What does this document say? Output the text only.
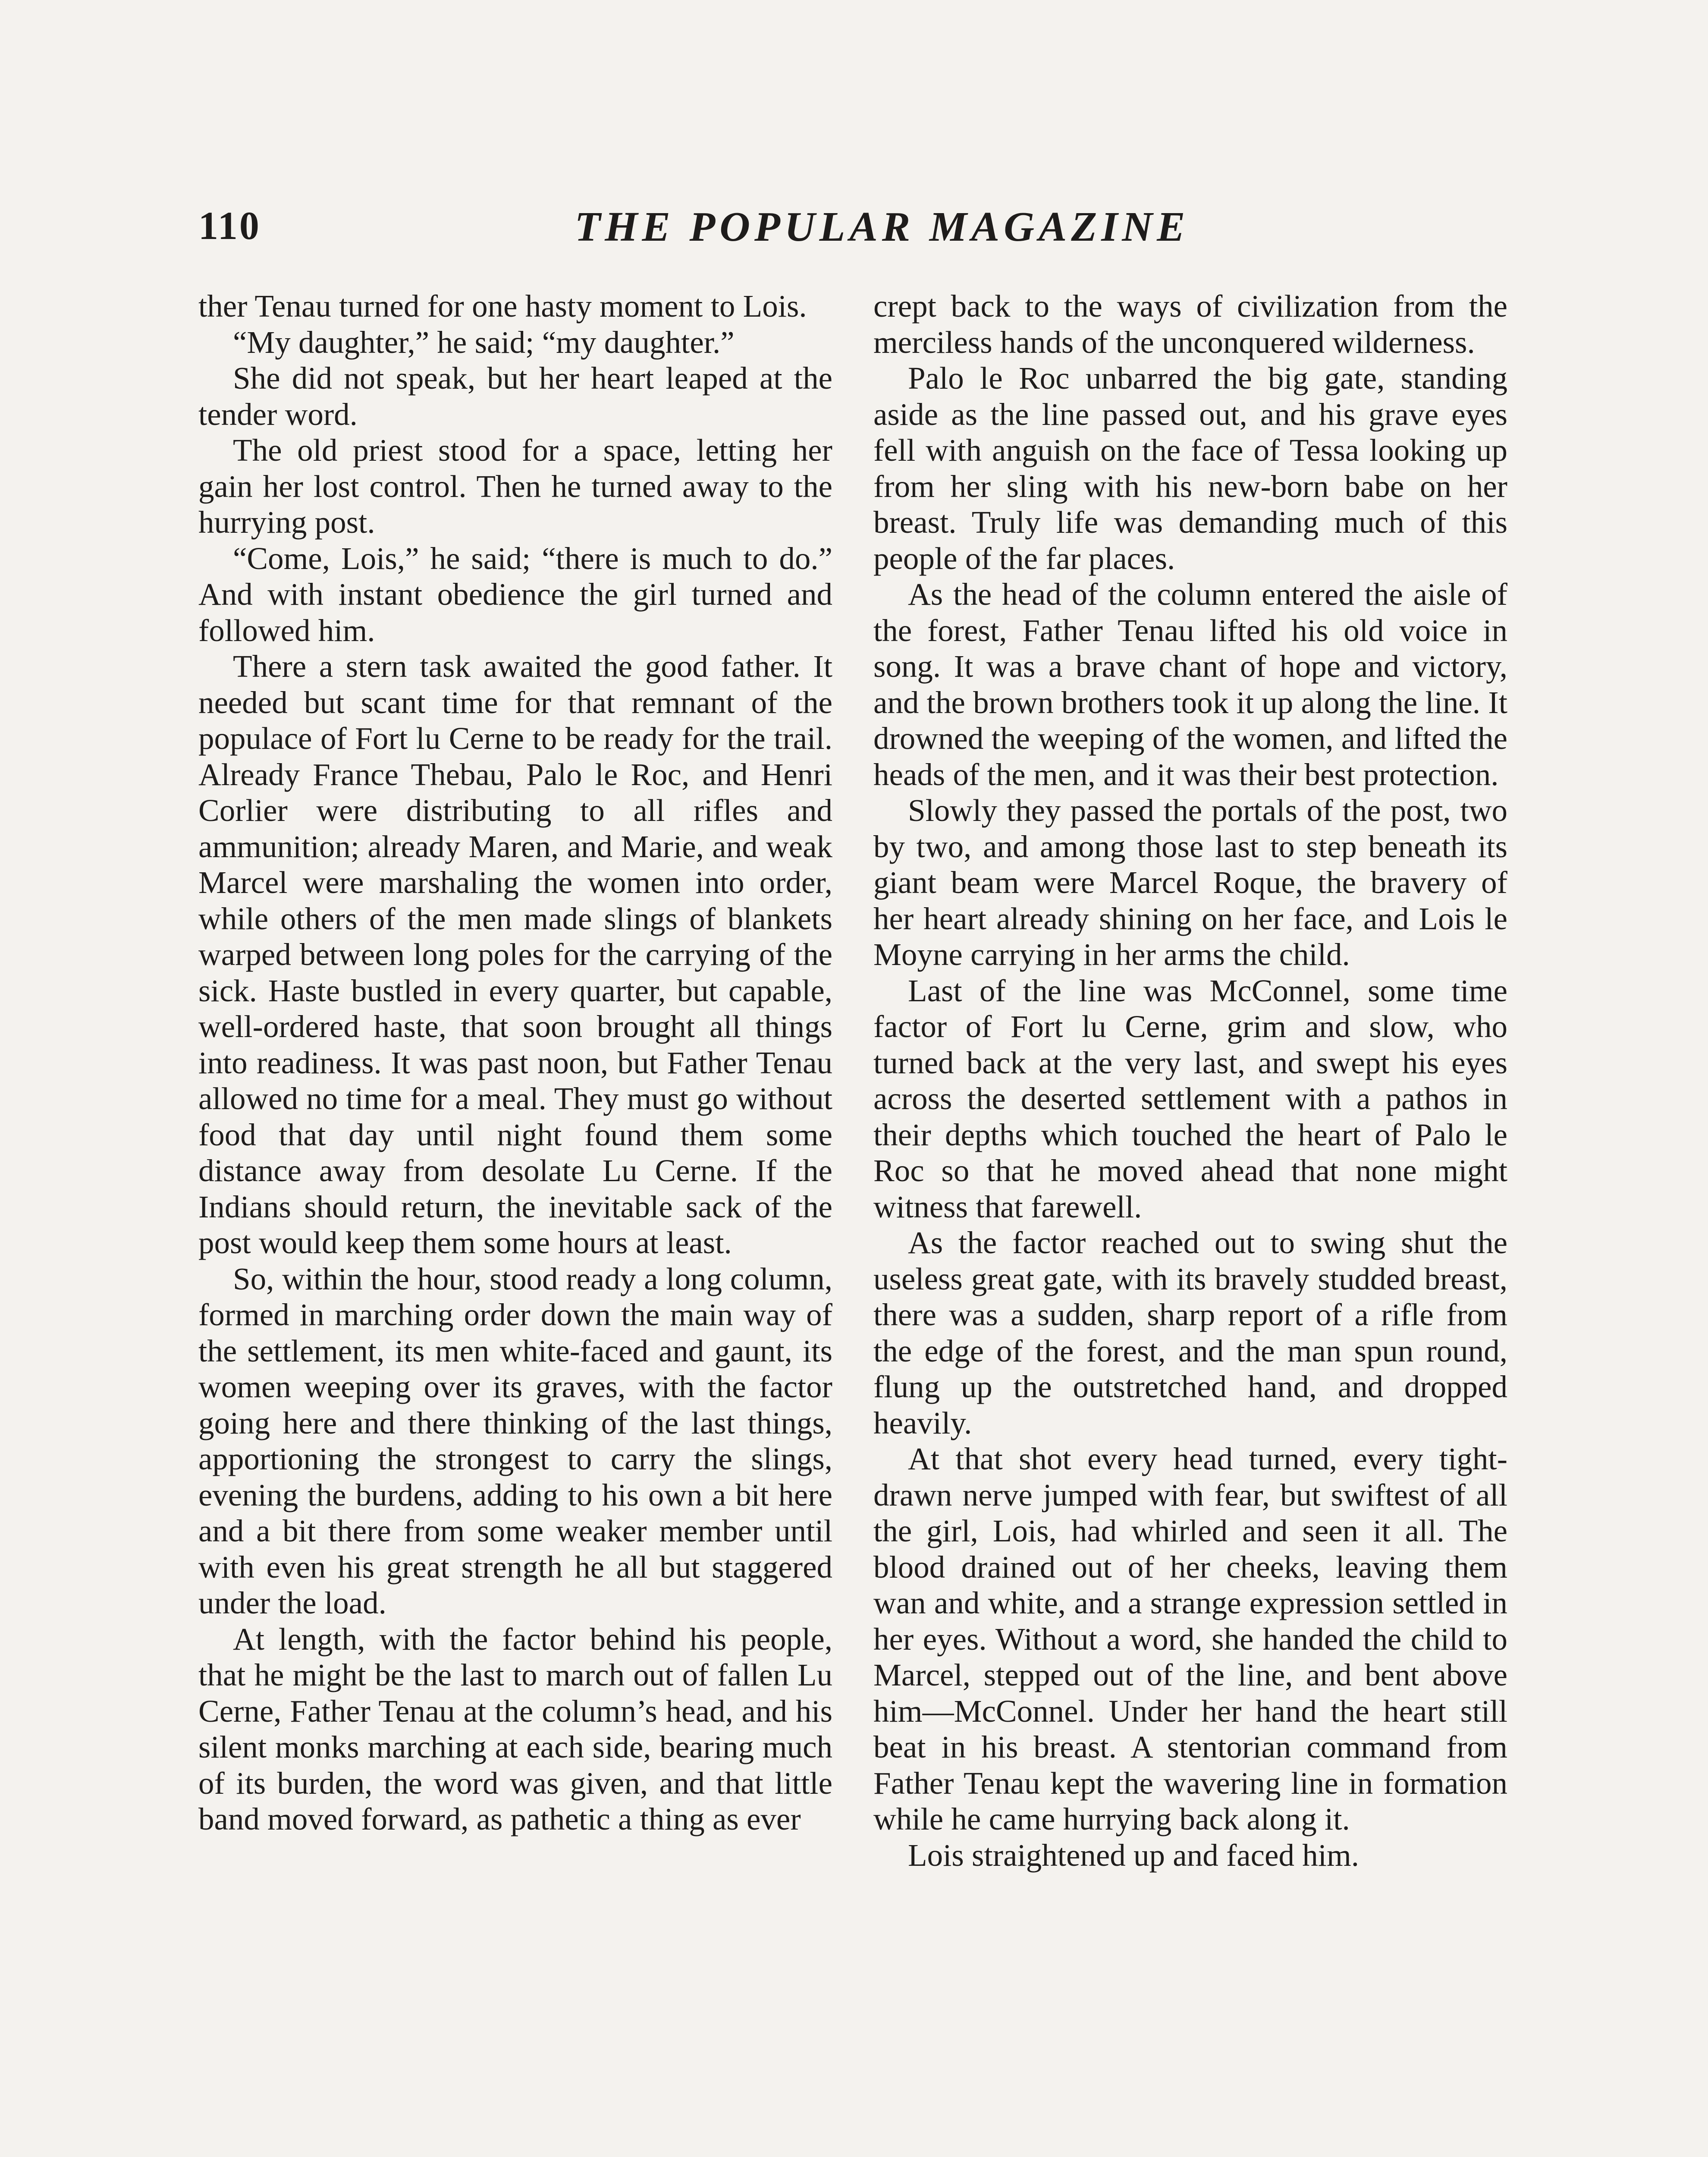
110	THE POPULAR MAGAZINE

ther Tenau turned for one hasty moment to Lois.

“My daughter,” he said; “my daughter.”

She did not speak, but her heart leaped at the tender word.

The old priest stood for a space, letting her gain her lost control. Then he turned away to the hurrying post.

“Come, Lois,” he said; “there is much to do.” And with instant obedience the girl turned and followed him.

There a stern task awaited the good father. It needed but scant time for that remnant of the populace of Fort lu Cerne to be ready for the trail. Already France Thebau, Palo le Roc, and Henri Corlier were distributing to all rifles and ammunition; already Maren, and Marie, and weak Marcel were marshaling the women into order, while others of the men made slings of blankets warped between long poles for the carrying of the sick. Haste bustled in every quarter, but capable, well-ordered haste, that soon brought all things into readiness. It was past noon, but Father Tenau allowed no time for a meal. They must go without food that day until night found them some distance away from desolate Lu Cerne. If the Indians should return, the inevitable sack of the post would keep them some hours at least.

So, within the hour, stood ready a long column, formed in marching order down the main way of the settlement, its men white-faced and gaunt, its women weeping over its graves, with the factor going here and there thinking of the last things, apportioning the strongest to carry the slings, evening the burdens, adding to his own a bit here and a bit there from some weaker member until with even his great strength he all but staggered under the load.

At length, with the factor behind his people, that he might be the last to march out of fallen Lu Cerne, Father Tenau at the column’s head, and his silent monks marching at each side, bearing much of its burden, the word was given, and that little band moved forward, as pathetic a thing as ever

crept back to the ways of civilization from the merciless hands of the unconquered wilderness.

Palo le Roc unbarred the big gate, standing aside as the line passed out, and his grave eyes fell with anguish on the face of Tessa looking up from her sling with his new-born babe on her breast. Truly life was demanding much of this people of the far places.

As the head of the column entered the aisle of the forest, Father Tenau lifted his old voice in song. It was a brave chant of hope and victory, and the brown brothers took it up along the line. It drowned the weeping of the women, and lifted the heads of the men, and it was their best protection.

Slowly they passed the portals of the post, two by two, and among those last to step beneath its giant beam were Marcel Roque, the bravery of her heart already shining on her face, and Lois le Moyne carrying in her arms the child.

Last of the line was McConnel, some time factor of Fort lu Cerne, grim and slow, who turned back at the very last, and swept his eyes across the deserted settlement with a pathos in their depths which touched the heart of Palo le Roc so that he moved ahead that none might witness that farewell.

As the factor reached out to swing shut the useless great gate, with its bravely studded breast, there was a sudden, sharp report of a rifle from the edge of the forest, and the man spun round, flung up the outstretched hand, and dropped heavily.

At that shot every head turned, every tight-drawn nerve jumped with fear, but swiftest of all the girl, Lois, had whirled and seen it all. The blood drained out of her cheeks, leaving them wan and white, and a strange expression settled in her eyes. Without a word, she handed the child to Marcel, stepped out of the line, and bent above him—McConnel. Under her hand the heart still beat in his breast. A stentorian command from Father Tenau kept the wavering line in formation while he came hurrying back along it.

Lois straightened up and faced him.
